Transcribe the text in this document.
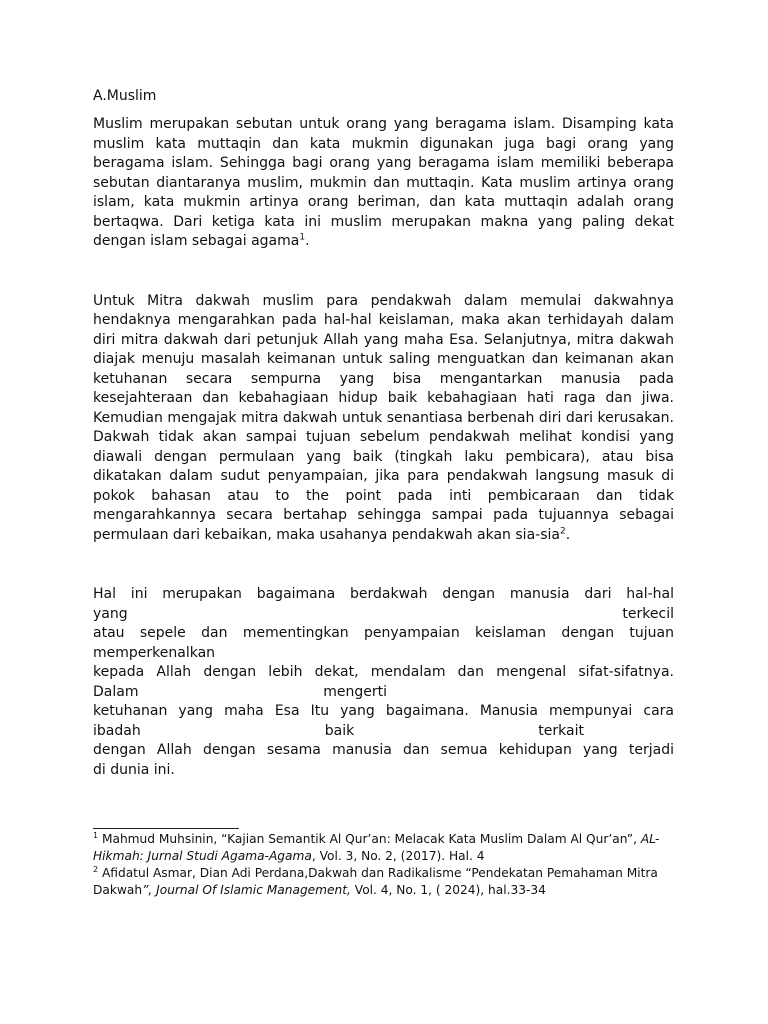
A.Muslim

Muslim merupakan sebutan untuk orang yang beragama islam. Disamping kata muslim kata muttaqin dan kata mukmin digunakan juga bagi orang yang beragama islam. Sehingga bagi orang yang beragama islam memiliki beberapa sebutan diantaranya muslim, mukmin dan muttaqin. Kata muslim artinya orang islam, kata mukmin artinya orang beriman, dan kata muttaqin adalah orang bertaqwa. Dari ketiga kata ini muslim merupakan makna yang paling dekat dengan islam sebagai agama$^1$.

Untuk Mitra dakwah muslim para pendakwah dalam memulai dakwahnya hendaknya mengarahkan pada hal-hal keislaman, maka akan terhidayah dalam diri mitra dakwah dari petunjuk Allah yang maha Esa. Selanjutnya, mitra dakwah diajak menuju masalah keimanan untuk saling menguatkan dan keimanan akan ketuhanan secara sempurna yang bisa mengantarkan manusia pada kesejahteraan dan kebahagiaan hidup baik kebahagiaan hati raga dan jiwa. Kemudian mengajak mitra dakwah untuk senantiasa berbenah diri dari kerusakan. Dakwah tidak akan sampai tujuan sebelum pendakwah melihat kondisi yang diawali dengan permulaan yang baik (tingkah laku pembicara), atau bisa dikatakan dalam sudut penyampaian, jika para pendakwah langsung masuk di pokok bahasan atau to the point pada inti pembicaraan dan tidak mengarahkannya secara bertahap sehingga sampai pada tujuannya sebagai permulaan dari kebaikan, maka usahanya pendakwah akan sia-sia$^2$.

Hal ini merupakan bagaimana berdakwah dengan manusia dari hal-hal
yang terkecil
atau sepele dan mementingkan penyampaian keislaman dengan tujuan
memperkenalkan
kepada Allah dengan lebih dekat, mendalam dan mengenal sifat-sifatnya.
Dalam mengerti
ketuhanan yang maha Esa Itu yang bagaimana. Manusia mempunyai cara
ibadah baik terkait
dengan Allah dengan sesama manusia dan semua kehidupan yang terjadi
di dunia ini.

$^1$ Mahmud Muhsinin, “Kajian Semantik Al Qur’an: Melacak Kata Muslim Dalam Al Qur’an”, AL-Hikmah: Jurnal Studi Agama-Agama, Vol. 3, No. 2, (2017). Hal. 4

$^2$ Afidatul Asmar, Dian Adi Perdana,Dakwah dan Radikalisme “Pendekatan Pemahaman Mitra Dakwah”, Journal Of Islamic Management, Vol. 4, No. 1, ( 2024), hal.33-34
